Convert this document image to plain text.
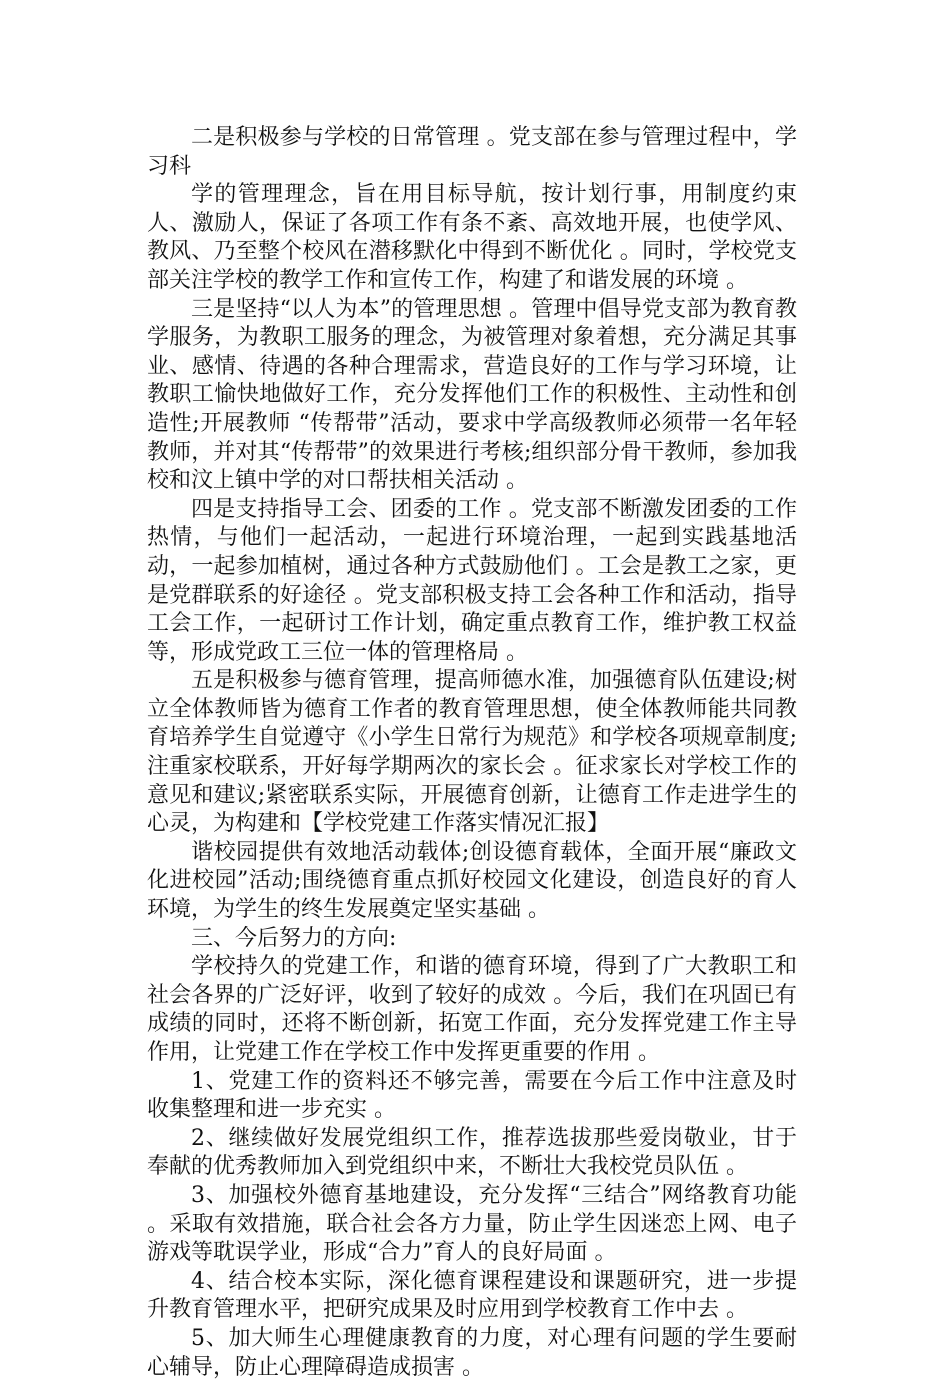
二是积极参与学校的日常管理 。党支部在参与管理过程中，学习科

学的管理理念，旨在用目标导航，按计划行事，用制度约束人、激励人，保证了各项工作有条不紊、高效地开展，也使学风、教风、乃至整个校风在潜移默化中得到不断优化 。同时，学校党支部关注学校的教学工作和宣传工作，构建了和谐发展的环境 。

三是坚持“以人为本”的管理思想 。管理中倡导党支部为教育教学服务，为教职工服务的理念，为被管理对象着想，充分满足其事业、感情、待遇的各种合理需求，营造良好的工作与学习环境，让教职工愉快地做好工作，充分发挥他们工作的积极性、主动性和创造性;开展教师 “传帮带”活动，要求中学高级教师必须带一名年轻教师，并对其“传帮带”的效果进行考核;组织部分骨干教师，参加我校和汶上镇中学的对口帮扶相关活动 。

四是支持指导工会、团委的工作 。党支部不断激发团委的工作热情，与他们一起活动，一起进行环境治理，一起到实践基地活动，一起参加植树，通过各种方式鼓励他们 。工会是教工之家，更是党群联系的好途径 。党支部积极支持工会各种工作和活动，指导工会工作，一起研讨工作计划，确定重点教育工作，维护教工权益等，形成党政工三位一体的管理格局 。

五是积极参与德育管理，提高师德水准，加强德育队伍建设;树立全体教师皆为德育工作者的教育管理思想，使全体教师能共同教育培养学生自觉遵守《小学生日常行为规范》和学校各项规章制度;注重家校联系，开好每学期两次的家长会 。征求家长对学校工作的意见和建议;紧密联系实际，开展德育创新，让德育工作走进学生的心灵，为构建和【学校党建工作落实情况汇报】

谐校园提供有效地活动载体;创设德育载体，全面开展“廉政文化进校园”活动;围绕德育重点抓好校园文化建设，创造良好的育人环境，为学生的终生发展奠定坚实基础 。

三、今后努力的方向:

学校持久的党建工作，和谐的德育环境，得到了广大教职工和社会各界的广泛好评，收到了较好的成效 。今后，我们在巩固已有成绩的同时，还将不断创新，拓宽工作面，充分发挥党建工作主导作用，让党建工作在学校工作中发挥更重要的作用 。

1、党建工作的资料还不够完善，需要在今后工作中注意及时收集整理和进一步充实 。

2、继续做好发展党组织工作，推荐选拔那些爱岗敬业，甘于奉献的优秀教师加入到党组织中来，不断壮大我校党员队伍 。

3、加强校外德育基地建设，充分发挥“三结合”网络教育功能 。采取有效措施，联合社会各方力量，防止学生因迷恋上网、电子游戏等耽误学业，形成“合力”育人的良好局面 。

4、结合校本实际，深化德育课程建设和课题研究，进一步提升教育管理水平，把研究成果及时应用到学校教育工作中去 。

5、加大师生心理健康教育的力度，对心理有问题的学生要耐心辅导，防止心理障碍造成损害 。
